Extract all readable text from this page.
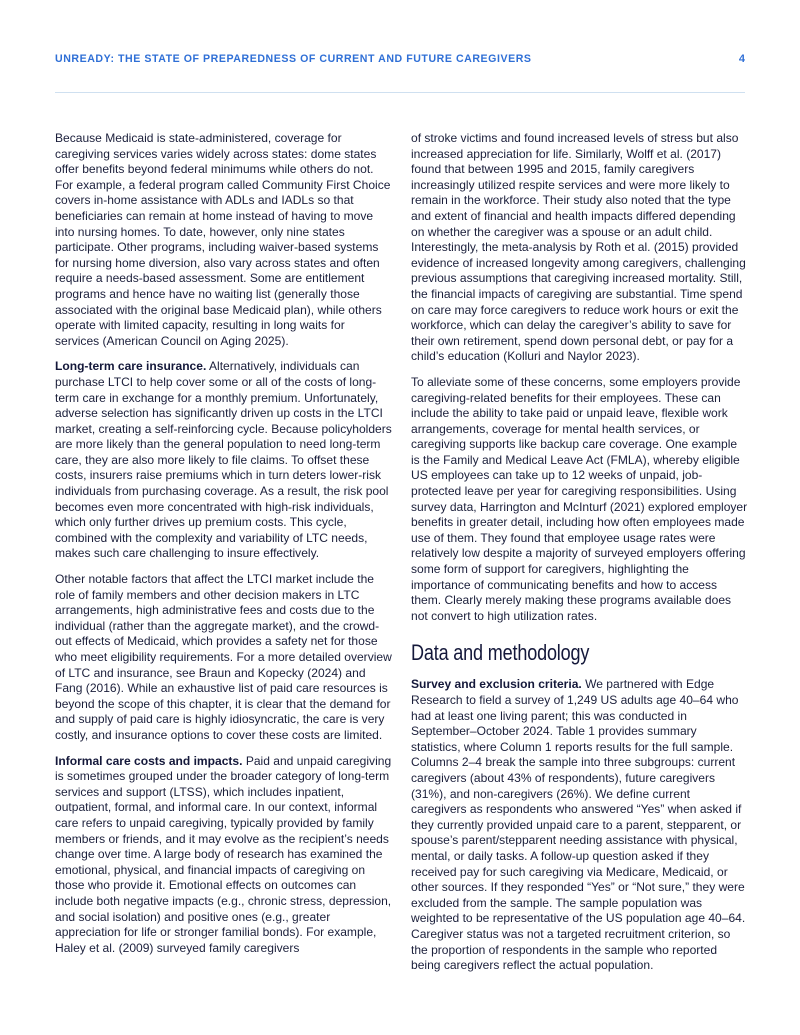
UNREADY: THE STATE OF PREPAREDNESS OF CURRENT AND FUTURE CAREGIVERS	4

Because Medicaid is state-administered, coverage for caregiving services varies widely across states: dome states offer benefits beyond federal minimums while others do not. For example, a federal program called Community First Choice covers in-home assistance with ADLs and IADLs so that beneficiaries can remain at home instead of having to move into nursing homes. To date, however, only nine states participate. Other programs, including waiver-based systems for nursing home diversion, also vary across states and often require a needs-based assessment. Some are entitlement programs and hence have no waiting list (generally those associated with the original base Medicaid plan), while others operate with limited capacity, resulting in long waits for services (American Council on Aging 2025).

Long-term care insurance. Alternatively, individuals can purchase LTCI to help cover some or all of the costs of long-term care in exchange for a monthly premium. Unfortunately, adverse selection has significantly driven up costs in the LTCI market, creating a self-reinforcing cycle. Because policyholders are more likely than the general population to need long-term care, they are also more likely to file claims. To offset these costs, insurers raise premiums which in turn deters lower-risk individuals from purchasing coverage. As a result, the risk pool becomes even more concentrated with high-risk individuals, which only further drives up premium costs. This cycle, combined with the complexity and variability of LTC needs, makes such care challenging to insure effectively.

Other notable factors that affect the LTCI market include the role of family members and other decision makers in LTC arrangements, high administrative fees and costs due to the individual (rather than the aggregate market), and the crowd-out effects of Medicaid, which provides a safety net for those who meet eligibility requirements. For a more detailed overview of LTC and insurance, see Braun and Kopecky (2024) and Fang (2016). While an exhaustive list of paid care resources is beyond the scope of this chapter, it is clear that the demand for and supply of paid care is highly idiosyncratic, the care is very costly, and insurance options to cover these costs are limited.

Informal care costs and impacts. Paid and unpaid caregiving is sometimes grouped under the broader category of long-term services and support (LTSS), which includes inpatient, outpatient, formal, and informal care. In our context, informal care refers to unpaid caregiving, typically provided by family members or friends, and it may evolve as the recipient’s needs change over time. A large body of research has examined the emotional, physical, and financial impacts of caregiving on those who provide it. Emotional effects on outcomes can include both negative impacts (e.g., chronic stress, depression, and social isolation) and positive ones (e.g., greater appreciation for life or stronger familial bonds). For example, Haley et al. (2009) surveyed family caregivers

of stroke victims and found increased levels of stress but also increased appreciation for life. Similarly, Wolff et al. (2017) found that between 1995 and 2015, family caregivers increasingly utilized respite services and were more likely to remain in the workforce. Their study also noted that the type and extent of financial and health impacts differed depending on whether the caregiver was a spouse or an adult child. Interestingly, the meta-analysis by Roth et al. (2015) provided evidence of increased longevity among caregivers, challenging previous assumptions that caregiving increased mortality. Still, the financial impacts of caregiving are substantial. Time spend on care may force caregivers to reduce work hours or exit the workforce, which can delay the caregiver’s ability to save for their own retirement, spend down personal debt, or pay for a child’s education (Kolluri and Naylor 2023).

To alleviate some of these concerns, some employers provide caregiving-related benefits for their employees. These can include the ability to take paid or unpaid leave, flexible work arrangements, coverage for mental health services, or caregiving supports like backup care coverage. One example is the Family and Medical Leave Act (FMLA), whereby eligible US employees can take up to 12 weeks of unpaid, job-protected leave per year for caregiving responsibilities. Using survey data, Harrington and McInturf (2021) explored employer benefits in greater detail, including how often employees made use of them. They found that employee usage rates were relatively low despite a majority of surveyed employers offering some form of support for caregivers, highlighting the importance of communicating benefits and how to access them. Clearly merely making these programs available does not convert to high utilization rates.

Data and methodology

Survey and exclusion criteria. We partnered with Edge Research to field a survey of 1,249 US adults age 40–64 who had at least one living parent; this was conducted in September–October 2024. Table 1 provides summary statistics, where Column 1 reports results for the full sample. Columns 2–4 break the sample into three subgroups: current caregivers (about 43% of respondents), future caregivers (31%), and non-caregivers (26%). We define current caregivers as respondents who answered “Yes” when asked if they currently provided unpaid care to a parent, stepparent, or spouse’s parent/stepparent needing assistance with physical, mental, or daily tasks. A follow-up question asked if they received pay for such caregiving via Medicare, Medicaid, or other sources. If they responded “Yes” or “Not sure,” they were excluded from the sample. The sample population was weighted to be representative of the US population age 40–64. Caregiver status was not a targeted recruitment criterion, so the proportion of respondents in the sample who reported being caregivers reflect the actual population.
